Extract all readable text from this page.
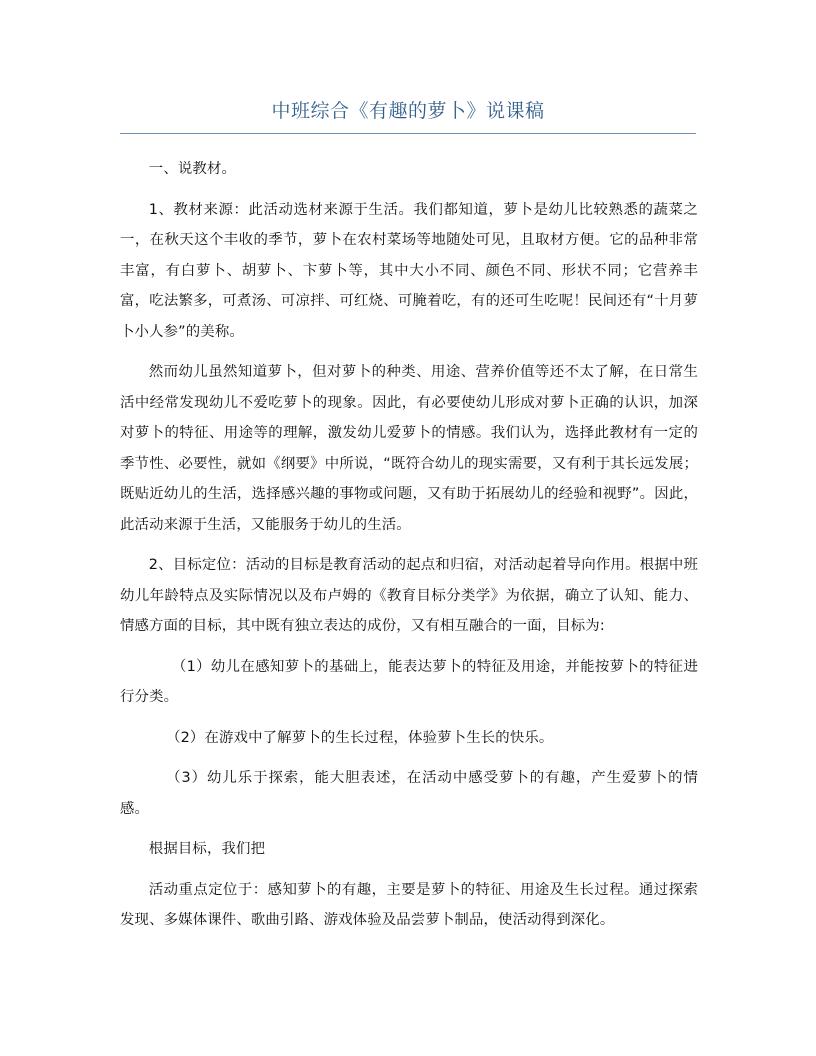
中班综合《有趣的萝卜》说课稿

一、说教材。

1、教材来源：此活动选材来源于生活。我们都知道，萝卜是幼儿比较熟悉的蔬菜之一，在秋天这个丰收的季节，萝卜在农村菜场等地随处可见，且取材方便。它的品种非常丰富，有白萝卜、胡萝卜、卞萝卜等，其中大小不同、颜色不同、形状不同；它营养丰富，吃法繁多，可煮汤、可凉拌、可红烧、可腌着吃，有的还可生吃呢！民间还有“十月萝卜小人参”的美称。

然而幼儿虽然知道萝卜，但对萝卜的种类、用途、营养价值等还不太了解，在日常生活中经常发现幼儿不爱吃萝卜的现象。因此，有必要使幼儿形成对萝卜正确的认识，加深对萝卜的特征、用途等的理解，激发幼儿爱萝卜的情感。我们认为，选择此教材有一定的季节性、必要性，就如《纲要》中所说，“既符合幼儿的现实需要，又有利于其长远发展；既贴近幼儿的生活，选择感兴趣的事物或问题，又有助于拓展幼儿的经验和视野”。因此，此活动来源于生活，又能服务于幼儿的生活。

2、目标定位：活动的目标是教育活动的起点和归宿，对活动起着导向作用。根据中班幼儿年龄特点及实际情况以及布卢姆的《教育目标分类学》为依据，确立了认知、能力、情感方面的目标，其中既有独立表达的成份，又有相互融合的一面，目标为:

（1）幼儿在感知萝卜的基础上，能表达萝卜的特征及用途，并能按萝卜的特征进行分类。

（2）在游戏中了解萝卜的生长过程，体验萝卜生长的快乐。

（3）幼儿乐于探索，能大胆表述，在活动中感受萝卜的有趣，产生爱萝卜的情感。

根据目标，我们把

活动重点定位于：感知萝卜的有趣，主要是萝卜的特征、用途及生长过程。通过探索发现、多媒体课件、歌曲引路、游戏体验及品尝萝卜制品，使活动得到深化。
